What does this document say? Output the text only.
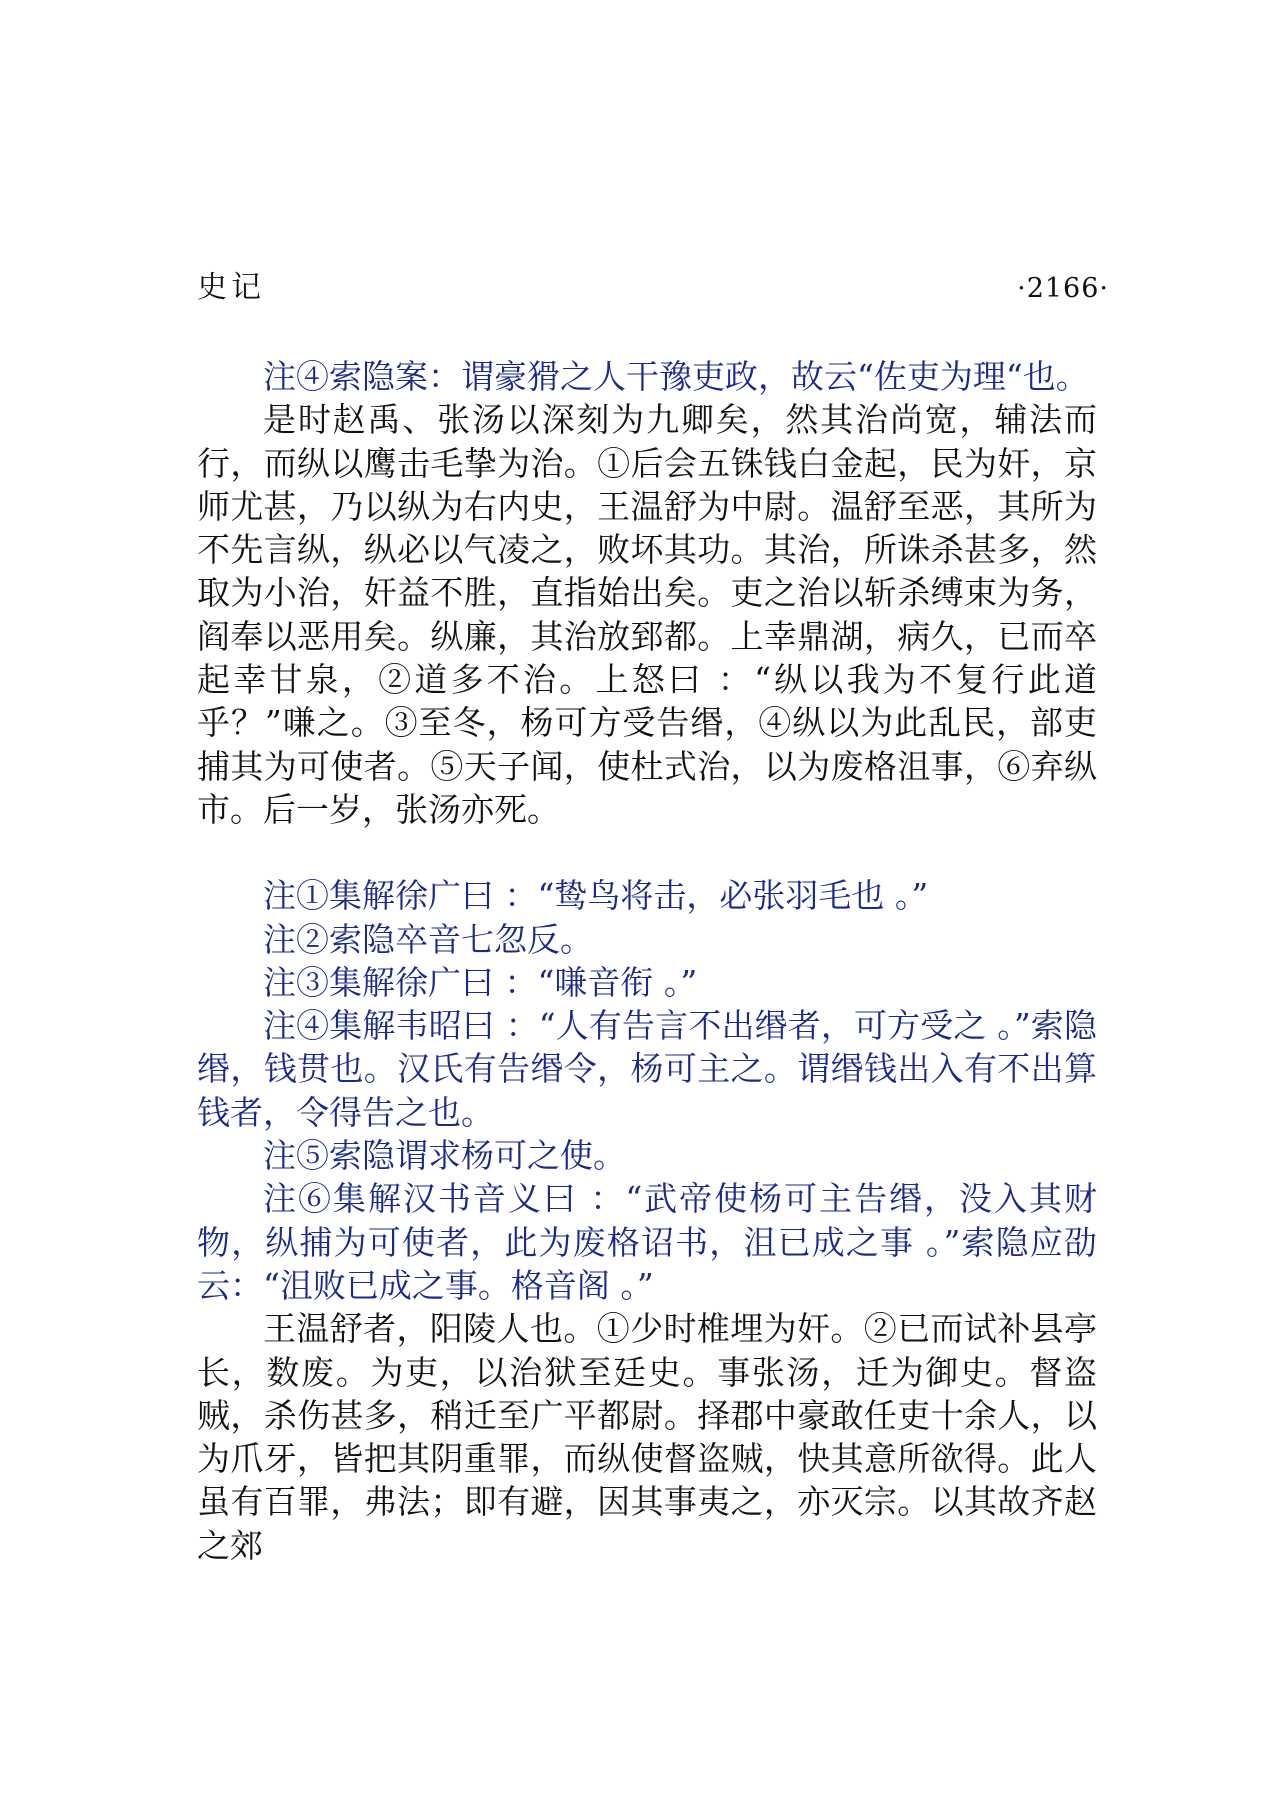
史记	·2166·

注④索隐案：谓豪猾之人干豫吏政，故云“佐吏为理“也。

是时赵禹、张汤以深刻为九卿矣，然其治尚宽，辅法而行，而纵以鹰击毛挚为治。①后会五铢钱白金起，民为奸，京师尤甚，乃以纵为右内史，王温舒为中尉。温舒至恶，其所为不先言纵，纵必以气凌之，败坏其功。其治，所诛杀甚多，然取为小治，奸益不胜，直指始出矣。吏之治以斩杀缚束为务，阎奉以恶用矣。纵廉，其治放郅都。上幸鼎湖，病久，已而卒起幸甘泉，②道多不治。上怒曰 ：“纵以我为不复行此道乎？”嗛之。③至冬，杨可方受告缗，④纵以为此乱民，部吏捕其为可使者。⑤天子闻，使杜式治，以为废格沮事，⑥弃纵市。后一岁，张汤亦死。

注①集解徐广曰 ：“鸷鸟将击，必张羽毛也 。”

注②索隐卒音七忽反。

注③集解徐广曰 ：“嗛音衔 。”

注④集解韦昭曰 ：“人有告言不出缗者，可方受之 。”索隐缗，钱贯也。汉氏有告缗令，杨可主之。谓缗钱出入有不出算钱者，令得告之也。

注⑤索隐谓求杨可之使。

注⑥集解汉书音义曰 ：“武帝使杨可主告缗，没入其财物，纵捕为可使者，此为废格诏书，沮已成之事 。”索隐应劭云：“沮败已成之事。格音阁 。”

王温舒者，阳陵人也。①少时椎埋为奸。②已而试补县亭长，数废。为吏，以治狱至廷史。事张汤，迁为御史。督盗贼，杀伤甚多，稍迁至广平都尉。择郡中豪敢任吏十余人，以为爪牙，皆把其阴重罪，而纵使督盗贼，快其意所欲得。此人虽有百罪，弗法；即有避，因其事夷之，亦灭宗。以其故齐赵之郊
